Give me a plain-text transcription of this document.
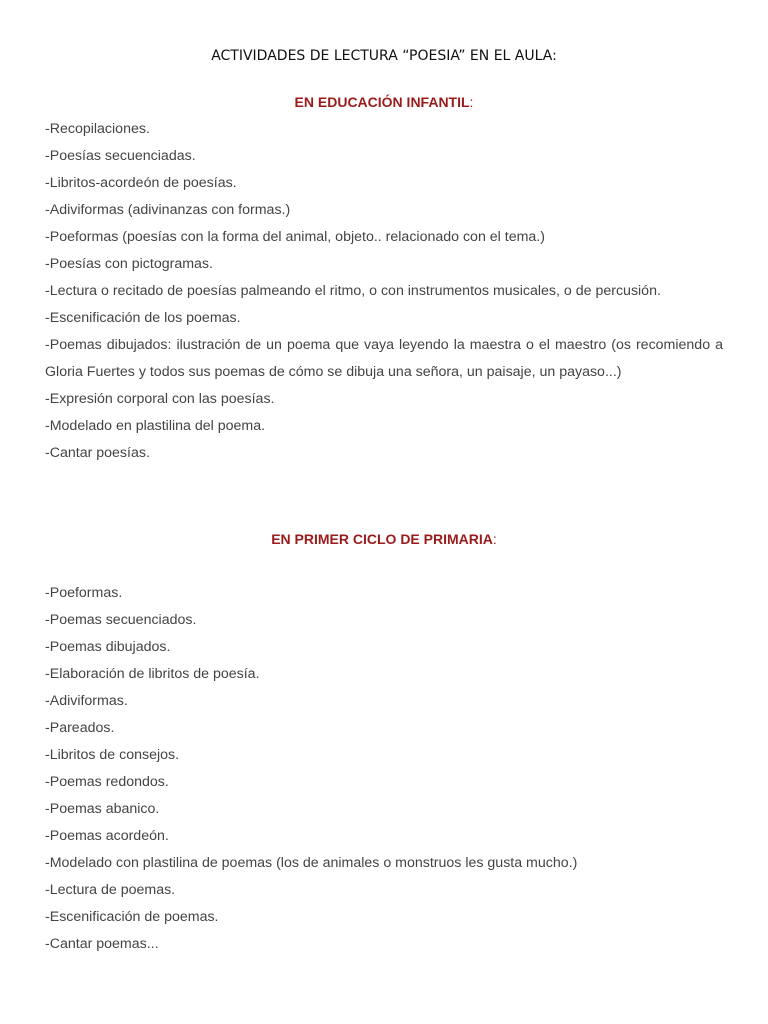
ACTIVIDADES DE LECTURA “POESIA” EN EL AULA:
EN EDUCACIÓN INFANTIL:
-Recopilaciones.
-Poesías secuenciadas.
-Libritos-acordeón de poesías.
-Adiviformas (adivinanzas con formas.)
-Poeformas (poesías con la forma del animal, objeto.. relacionado con el tema.)
-Poesías con pictogramas.
-Lectura o recitado de poesías palmeando el ritmo, o con instrumentos musicales, o de percusión.
-Escenificación de los poemas.
-Poemas dibujados: ilustración de un poema que vaya leyendo la maestra o el maestro (os recomiendo a Gloria Fuertes y todos sus poemas de cómo se dibuja una señora, un paisaje, un payaso...)
-Expresión corporal con las poesías.
-Modelado en plastilina del poema.
-Cantar poesías.
EN PRIMER CICLO DE PRIMARIA:
-Poeformas.
-Poemas secuenciados.
-Poemas dibujados.
-Elaboración de libritos de poesía.
-Adiviformas.
-Pareados.
-Libritos de consejos.
-Poemas redondos.
-Poemas abanico.
-Poemas acordeón.
-Modelado con plastilina de poemas (los de animales o monstruos les gusta mucho.)
-Lectura de poemas.
-Escenificación de poemas.
-Cantar poemas...
